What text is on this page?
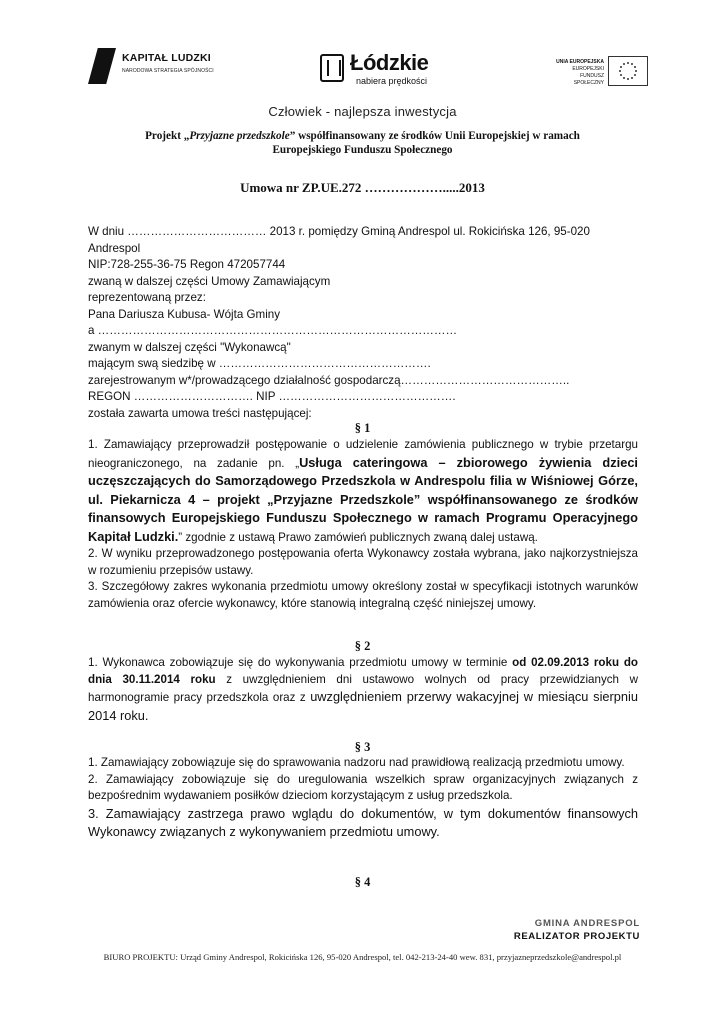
KAPITAŁ LUDZKI
NARODOWA STRATEGIA SPÓJNOŚCI	Łódzkie
nabiera prędkości
UNIA EUROPEJSKA
EUROPEJSKI
FUNDUSZ SPOŁECZNY
Człowiek - najlepsza inwestycja
Projekt „Przyjazne przedszkole” współfinansowany ze środków Unii Europejskiej w ramach
Europejskiego Funduszu Społecznego
Umowa nr ZP.UE.272 ……………….....2013

W dniu ……………………………… 2013 r. pomiędzy Gminą Andrespol ul. Rokicińska 126, 95-020 Andrespol

NIP:728-255-36-75 Regon 472057744

zwaną w dalszej części Umowy Zamawiającym

reprezentowaną przez:

Pana Dariusza Kubusa- Wójta Gminy

a …………………………………………………………………………………

zwanym w dalszej części "Wykonawcą"

mającym swą siedzibę w ……………………………………………….

zarejestrowanym w*/prowadzącego działalność gospodarczą……………………………………..

REGON …………………………. NIP ……………………………………….

została zawarta umowa treści następującej:

§ 1

1. Zamawiający przeprowadził postępowanie o udzielenie zamówienia publicznego w trybie przetargu nieograniczonego, na zadanie pn. „Usługa cateringowa – zbiorowego żywienia dzieci uczęszczających do Samorządowego Przedszkola w Andrespolu filia w Wiśniowej Górze, ul. Piekarnicza 4 – projekt „Przyjazne Przedszkole” współfinansowanego ze środków finansowych Europejskiego Funduszu Społecznego w ramach Programu Operacyjnego Kapitał Ludzki.” zgodnie z ustawą Prawo zamówień publicznych zwaną dalej ustawą.

2. W wyniku przeprowadzonego postępowania oferta Wykonawcy została wybrana, jako najkorzystniejsza w rozumieniu przepisów ustawy.

3. Szczegółowy zakres wykonania przedmiotu umowy określony został w specyfikacji istotnych warunków zamówienia oraz ofercie wykonawcy, które stanowią integralną część niniejszej umowy.

§ 2

1. Wykonawca zobowiązuje się do wykonywania przedmiotu umowy w terminie od 02.09.2013 roku do dnia 30.11.2014 roku z uwzględnieniem dni ustawowo wolnych od pracy przewidzianych w harmonogramie pracy przedszkola oraz z uwzględnieniem przerwy wakacyjnej w miesiącu sierpniu 2014 roku.

§ 3

1. Zamawiający zobowiązuje się do sprawowania nadzoru nad prawidłową realizacją przedmiotu umowy.

2. Zamawiający zobowiązuje się do uregulowania wszelkich spraw organizacyjnych związanych z bezpośrednim wydawaniem posiłków dzieciom korzystającym z usług przedszkola.

3. Zamawiający zastrzega prawo wglądu do dokumentów, w tym dokumentów finansowych Wykonawcy związanych z wykonywaniem przedmiotu umowy.

§ 4
GMINA ANDRESPOL
REALIZATOR PROJEKTU
BIURO PROJEKTU: Urząd Gminy Andrespol, Rokicińska 126, 95-020 Andrespol, tel. 042-213-24-40 wew. 831, przyjazneprzedszkole@andrespol.pl
